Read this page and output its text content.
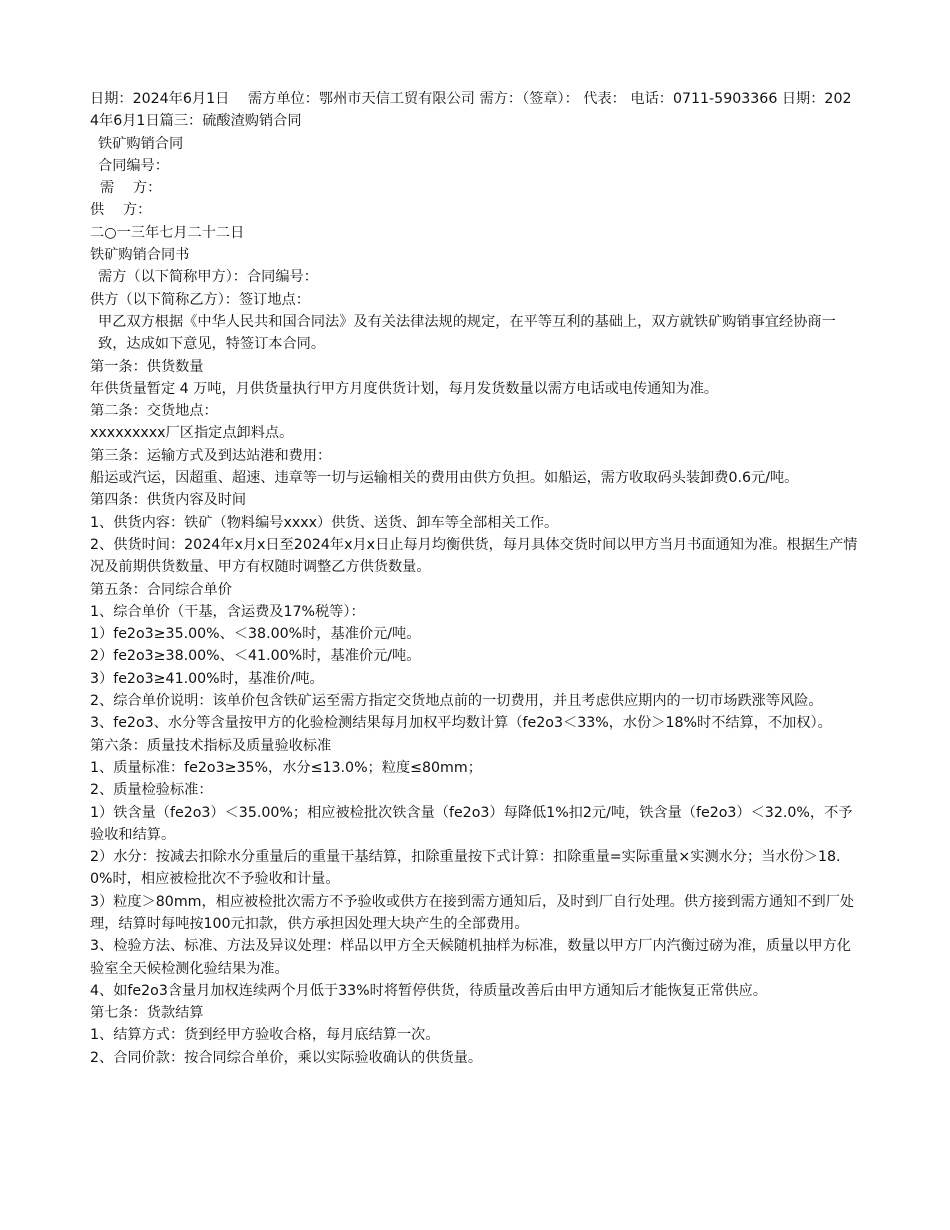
日期：2024年6月1日　 需方单位：鄂州市天信工贸有限公司 需方：（签章）： 代表： 电话：0711-5903366 日期：2024年6月1日篇三：硫酸渣购销合同

铁矿购销合同

合同编号：

需　 方：

供　 方：

二○一三年七月二十二日

铁矿购销合同书

需方（以下简称甲方）：合同编号：

供方（以下简称乙方）：签订地点：

甲乙双方根据《中华人民共和国合同法》及有关法律法规的规定，在平等互利的基础上，双方就铁矿购销事宜经协商一致，达成如下意见，特签订本合同。

第一条：供货数量

年供货量暂定 4 万吨，月供货量执行甲方月度供货计划，每月发货数量以需方电话或电传通知为准。

第二条：交货地点：

xxxxxxxxx厂区指定点卸料点。

第三条：运输方式及到达站港和费用：

船运或汽运，因超重、超速、违章等一切与运输相关的费用由供方负担。如船运，需方收取码头装卸费0.6元/吨。

第四条：供货内容及时间

1、供货内容：铁矿（物料编号xxxx）供货、送货、卸车等全部相关工作。

2、供货时间：2024年x月x日至2024年x月x日止每月均衡供货，每月具体交货时间以甲方当月书面通知为准。根据生产情况及前期供货数量、甲方有权随时调整乙方供货数量。

第五条：合同综合单价

1、综合单价（干基，含运费及17%税等）：

1）fe2o3≥35.00%、＜38.00%时，基准价元/吨。

2）fe2o3≥38.00%、＜41.00%时，基准价元/吨。

3）fe2o3≥41.00%时，基准价/吨。

2、综合单价说明：该单价包含铁矿运至需方指定交货地点前的一切费用，并且考虑供应期内的一切市场跌涨等风险。

3、fe2o3、水分等含量按甲方的化验检测结果每月加权平均数计算（fe2o3＜33%，水份＞18%时不结算，不加权）。

第六条：质量技术指标及质量验收标准

1、质量标准：fe2o3≥35%，水分≤13.0%；粒度≤80mm；

2、质量检验标准：

1）铁含量（fe2o3）＜35.00%；相应被检批次铁含量（fe2o3）每降低1%扣2元/吨，铁含量（fe2o3）＜32.0%，不予验收和结算。

2）水分：按减去扣除水分重量后的重量干基结算，扣除重量按下式计算：扣除重量=实际重量×实测水分；当水份＞18.0%时，相应被检批次不予验收和计量。

3）粒度＞80mm，相应被检批次需方不予验收或供方在接到需方通知后，及时到厂自行处理。供方接到需方通知不到厂处理，结算时每吨按100元扣款，供方承担因处理大块产生的全部费用。

3、检验方法、标准、方法及异议处理：样品以甲方全天候随机抽样为标准，数量以甲方厂内汽衡过磅为准，质量以甲方化验室全天候检测化验结果为准。

4、如fe2o3含量月加权连续两个月低于33%时将暂停供货，待质量改善后由甲方通知后才能恢复正常供应。

第七条：货款结算

1、结算方式：货到经甲方验收合格，每月底结算一次。

2、合同价款：按合同综合单价，乘以实际验收确认的供货量。
